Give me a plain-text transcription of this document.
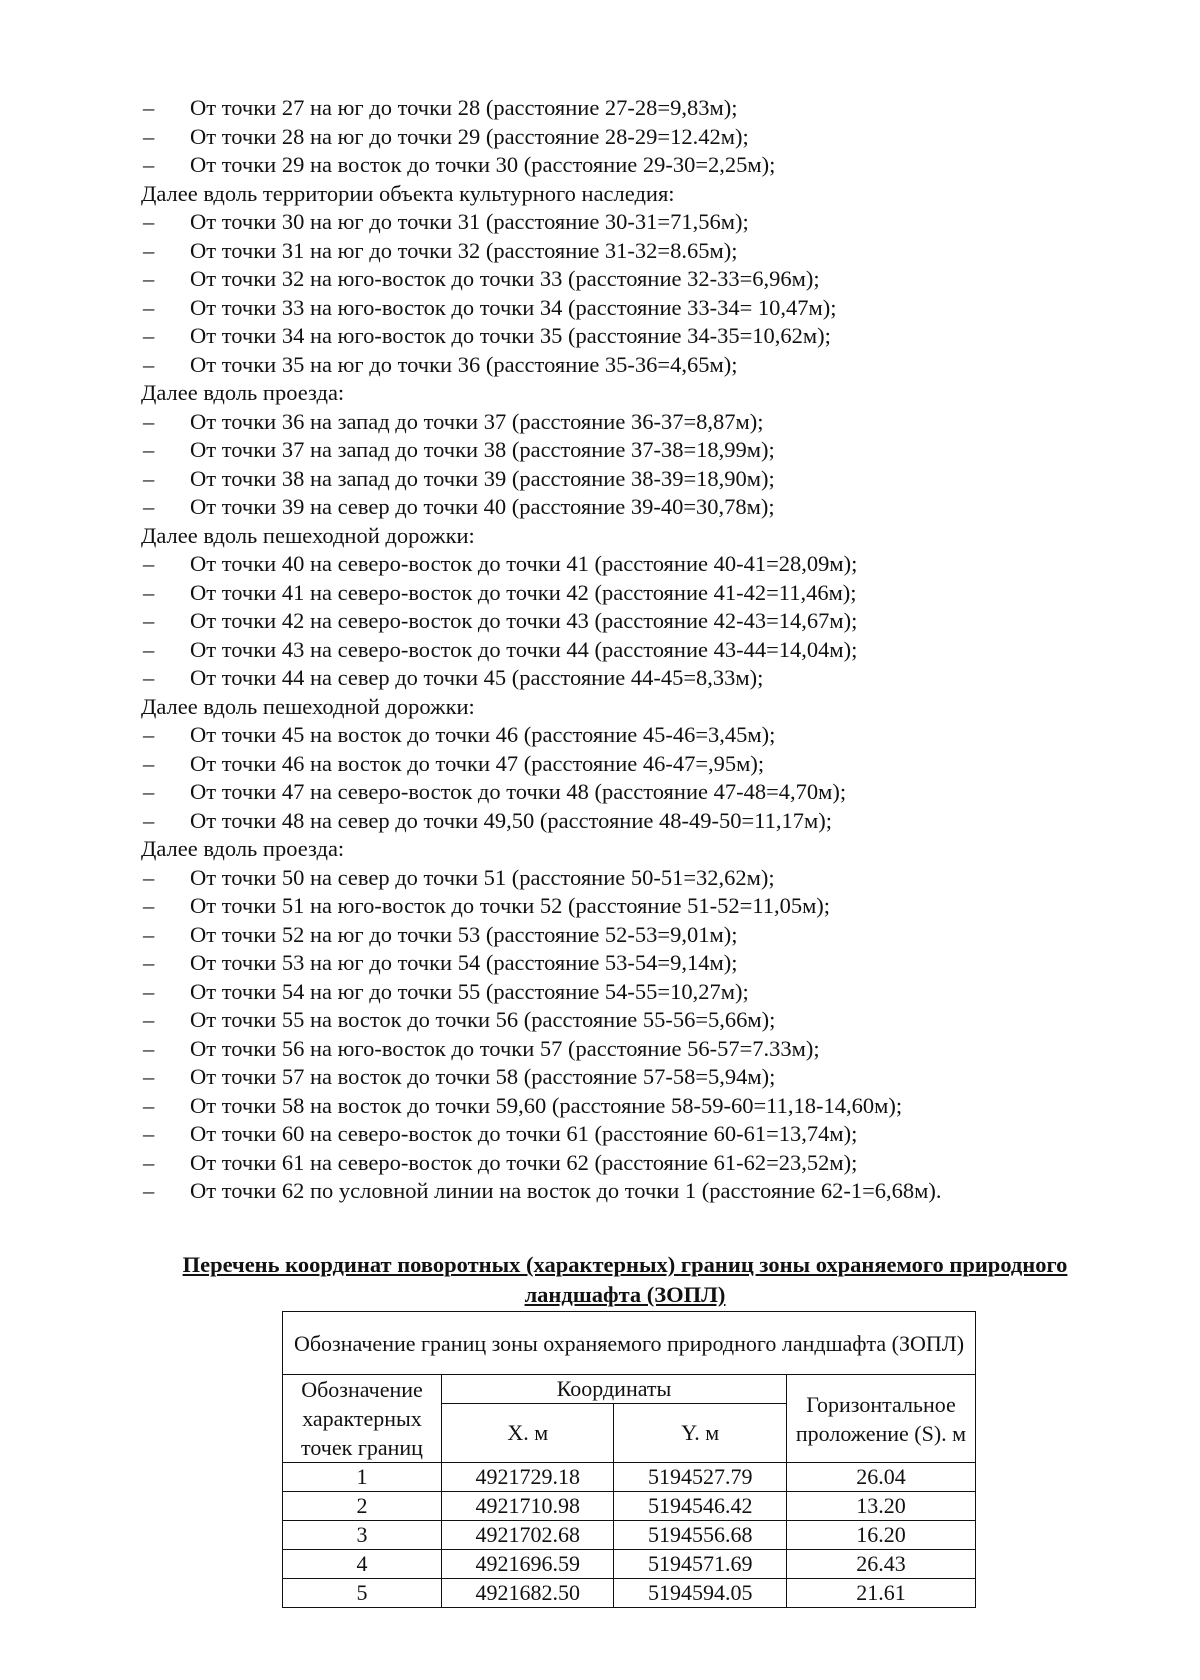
– От точки 27 на юг до точки 28 (расстояние 27-28=9,83м);
– От точки 28 на юг до точки 29 (расстояние 28-29=12.42м);
– От точки 29 на восток до точки 30 (расстояние 29-30=2,25м);
Далее вдоль территории объекта культурного наследия:
– От точки 30 на юг до точки 31 (расстояние 30-31=71,56м);
– От точки 31 на юг до точки 32 (расстояние 31-32=8.65м);
– От точки 32 на юго-восток до точки 33 (расстояние 32-33=6,96м);
– От точки 33 на юго-восток до точки 34 (расстояние 33-34= 10,47м);
– От точки 34 на юго-восток до точки 35 (расстояние 34-35=10,62м);
– От точки 35 на юг до точки 36 (расстояние 35-36=4,65м);
Далее вдоль проезда:
– От точки 36 на запад до точки 37 (расстояние 36-37=8,87м);
– От точки 37 на запад до точки 38 (расстояние 37-38=18,99м);
– От точки 38 на запад до точки 39 (расстояние 38-39=18,90м);
– От точки 39 на север до точки 40 (расстояние 39-40=30,78м);
Далее вдоль пешеходной дорожки:
– От точки 40 на северо-восток до точки 41 (расстояние 40-41=28,09м);
– От точки 41 на северо-восток до точки 42 (расстояние 41-42=11,46м);
– От точки 42 на северо-восток до точки 43 (расстояние 42-43=14,67м);
– От точки 43 на северо-восток до точки 44 (расстояние 43-44=14,04м);
– От точки 44 на север до точки 45 (расстояние 44-45=8,33м);
Далее вдоль пешеходной дорожки:
– От точки 45 на восток до точки 46 (расстояние 45-46=3,45м);
– От точки 46 на восток до точки 47 (расстояние 46-47=,95м);
– От точки 47 на северо-восток до точки 48 (расстояние 47-48=4,70м);
– От точки 48 на север до точки 49,50 (расстояние 48-49-50=11,17м);
Далее вдоль проезда:
– От точки 50 на север до точки 51 (расстояние 50-51=32,62м);
– От точки 51 на юго-восток до точки 52 (расстояние 51-52=11,05м);
– От точки 52 на юг до точки 53 (расстояние 52-53=9,01м);
– От точки 53 на юг до точки 54 (расстояние 53-54=9,14м);
– От точки 54 на юг до точки 55 (расстояние 54-55=10,27м);
– От точки 55 на восток до точки 56 (расстояние 55-56=5,66м);
– От точки 56 на юго-восток до точки 57 (расстояние 56-57=7.33м);
– От точки 57 на восток до точки 58 (расстояние 57-58=5,94м);
– От точки 58 на восток до точки 59,60 (расстояние 58-59-60=11,18-14,60м);
– От точки 60 на северо-восток до точки 61 (расстояние 60-61=13,74м);
– От точки 61 на северо-восток до точки 62 (расстояние 61-62=23,52м);
– От точки 62 по условной линии на восток до точки 1 (расстояние 62-1=6,68м).
Перечень координат поворотных (характерных) границ зоны охраняемого природного ландшафта (ЗОПЛ)
Обозначение границ зоны охраняемого природного ландшафта (ЗОПЛ)			
Обозначение характерных точек границ	Координаты		Горизонтальное проложение (S). м
	X. м	Y. м	
1	4921729.18	5194527.79	26.04
2	4921710.98	5194546.42	13.20
3	4921702.68	5194556.68	16.20
4	4921696.59	5194571.69	26.43
5	4921682.50	5194594.05	21.61
